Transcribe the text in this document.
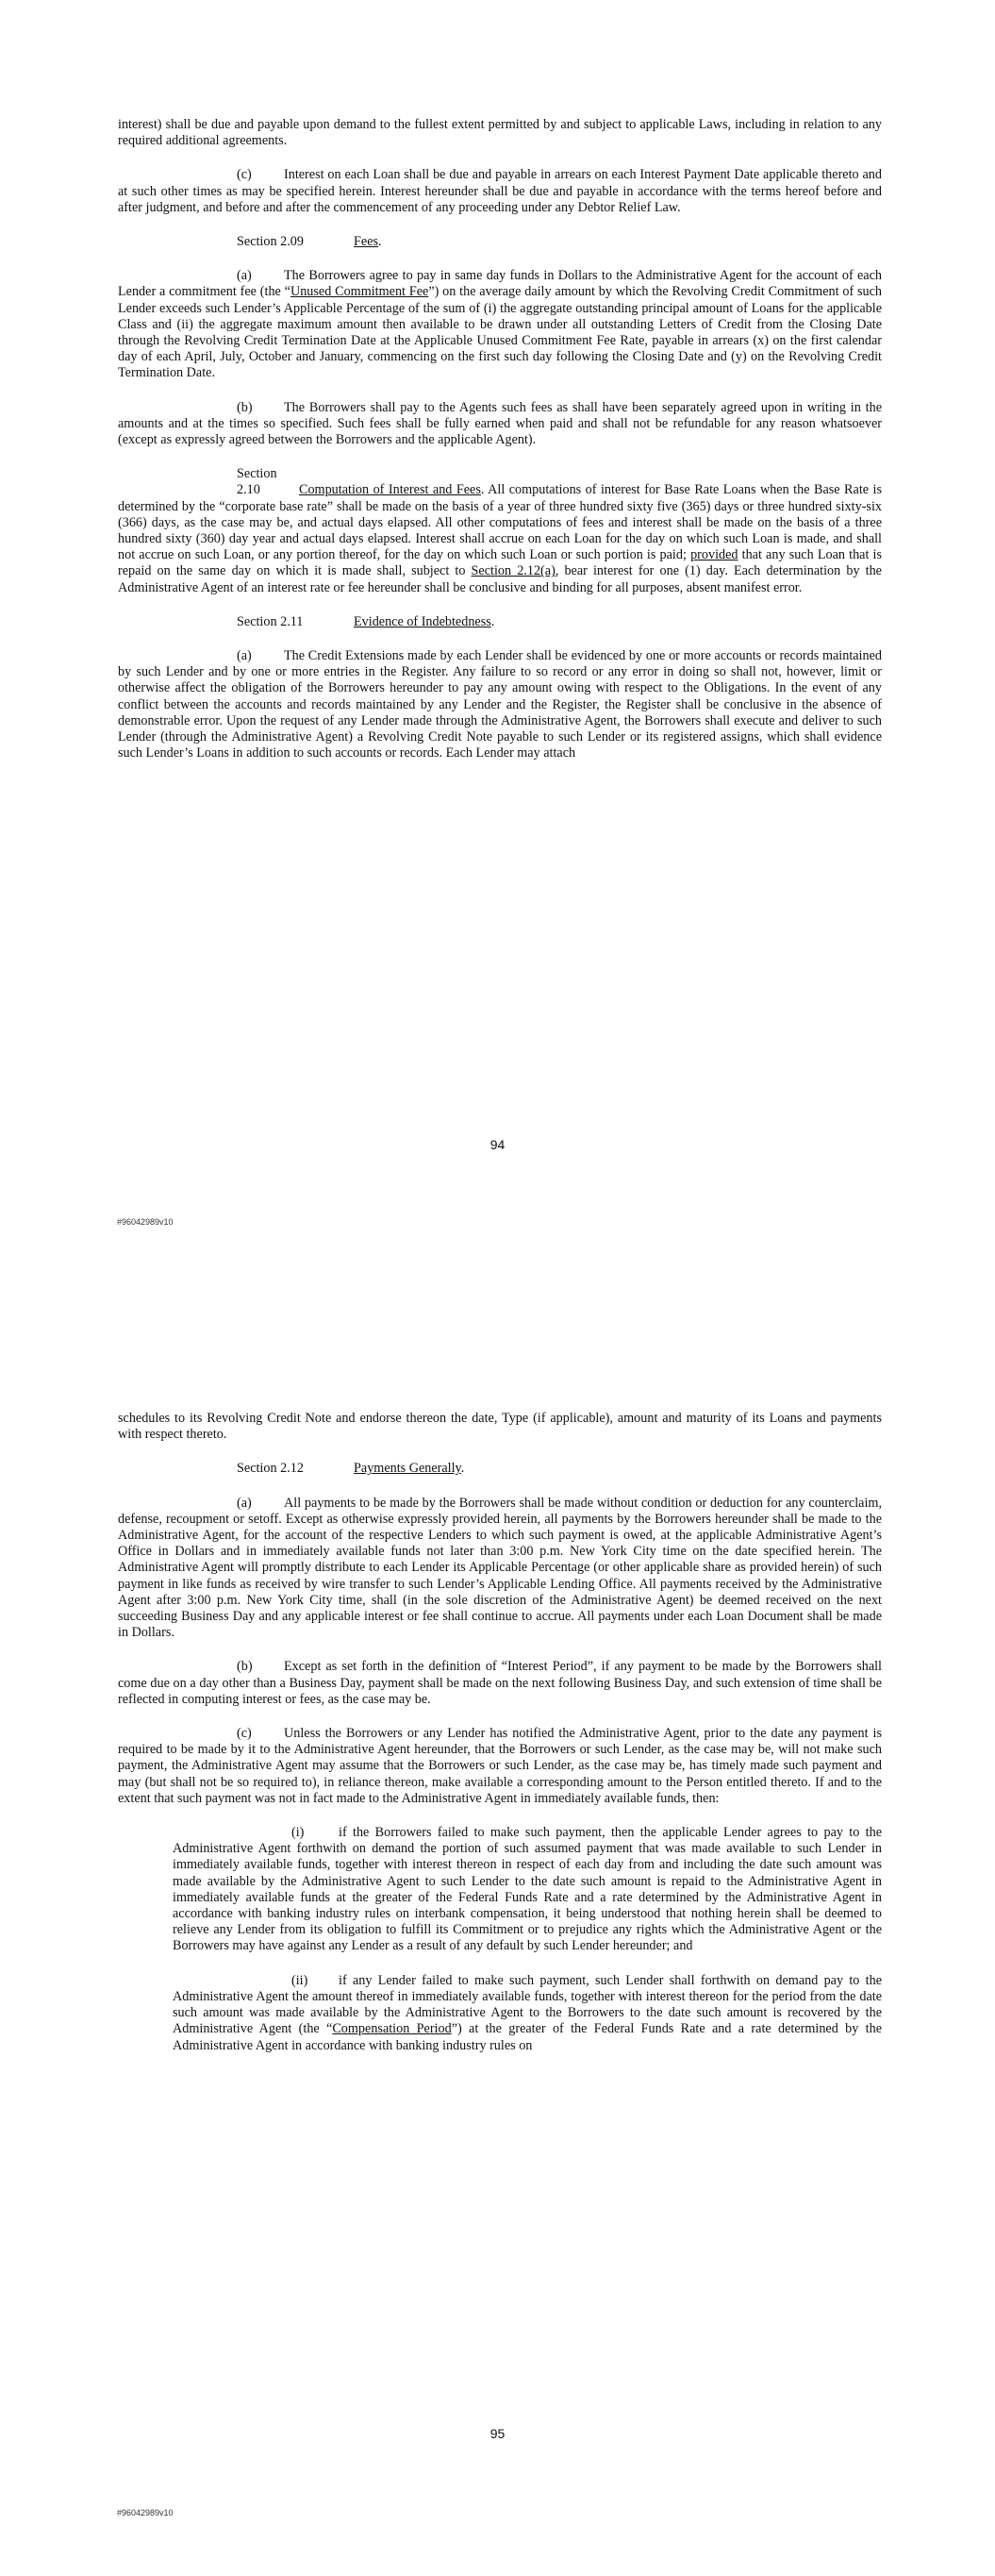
interest) shall be due and payable upon demand to the fullest extent permitted by and subject to applicable Laws, including in relation to any required additional agreements.

(c) Interest on each Loan shall be due and payable in arrears on each Interest Payment Date applicable thereto and at such other times as may be specified herein. Interest hereunder shall be due and payable in accordance with the terms hereof before and after judgment, and before and after the commencement of any proceeding under any Debtor Relief Law.

Section 2.09	Fees.

(a) The Borrowers agree to pay in same day funds in Dollars to the Administrative Agent for the account of each Lender a commitment fee (the “Unused Commitment Fee”) on the average daily amount by which the Revolving Credit Commitment of such Lender exceeds such Lender’s Applicable Percentage of the sum of (i) the aggregate outstanding principal amount of Loans for the applicable Class and (ii) the aggregate maximum amount then available to be drawn under all outstanding Letters of Credit from the Closing Date through the Revolving Credit Termination Date at the Applicable Unused Commitment Fee Rate, payable in arrears (x) on the first calendar day of each April, July, October and January, commencing on the first such day following the Closing Date and (y) on the Revolving Credit Termination Date.

(b) The Borrowers shall pay to the Agents such fees as shall have been separately agreed upon in writing in the amounts and at the times so specified. Such fees shall be fully earned when paid and shall not be refundable for any reason whatsoever (except as expressly agreed between the Borrowers and the applicable Agent).

Section 2.10	Computation of Interest and Fees. All computations of interest for Base Rate Loans when the Base Rate is determined by the “corporate base rate” shall be made on the basis of a year of three hundred sixty five (365) days or three hundred sixty-six (366) days, as the case may be, and actual days elapsed. All other computations of fees and interest shall be made on the basis of a three hundred sixty (360) day year and actual days elapsed. Interest shall accrue on each Loan for the day on which such Loan is made, and shall not accrue on such Loan, or any portion thereof, for the day on which such Loan or such portion is paid; provided that any such Loan that is repaid on the same day on which it is made shall, subject to Section 2.12(a), bear interest for one (1) day. Each determination by the Administrative Agent of an interest rate or fee hereunder shall be conclusive and binding for all purposes, absent manifest error.

Section 2.11	Evidence of Indebtedness.

(a) The Credit Extensions made by each Lender shall be evidenced by one or more accounts or records maintained by such Lender and by one or more entries in the Register. Any failure to so record or any error in doing so shall not, however, limit or otherwise affect the obligation of the Borrowers hereunder to pay any amount owing with respect to the Obligations. In the event of any conflict between the accounts and records maintained by any Lender and the Register, the Register shall be conclusive in the absence of demonstrable error. Upon the request of any Lender made through the Administrative Agent, the Borrowers shall execute and deliver to such Lender (through the Administrative Agent) a Revolving Credit Note payable to such Lender or its registered assigns, which shall evidence such Lender’s Loans in addition to such accounts or records. Each Lender may attach

94
#96042989v10

schedules to its Revolving Credit Note and endorse thereon the date, Type (if applicable), amount and maturity of its Loans and payments with respect thereto.

Section 2.12	Payments Generally.

(a) All payments to be made by the Borrowers shall be made without condition or deduction for any counterclaim, defense, recoupment or setoff. Except as otherwise expressly provided herein, all payments by the Borrowers hereunder shall be made to the Administrative Agent, for the account of the respective Lenders to which such payment is owed, at the applicable Administrative Agent’s Office in Dollars and in immediately available funds not later than 3:00 p.m. New York City time on the date specified herein. The Administrative Agent will promptly distribute to each Lender its Applicable Percentage (or other applicable share as provided herein) of such payment in like funds as received by wire transfer to such Lender’s Applicable Lending Office. All payments received by the Administrative Agent after 3:00 p.m. New York City time, shall (in the sole discretion of the Administrative Agent) be deemed received on the next succeeding Business Day and any applicable interest or fee shall continue to accrue. All payments under each Loan Document shall be made in Dollars.

(b) Except as set forth in the definition of “Interest Period”, if any payment to be made by the Borrowers shall come due on a day other than a Business Day, payment shall be made on the next following Business Day, and such extension of time shall be reflected in computing interest or fees, as the case may be.

(c) Unless the Borrowers or any Lender has notified the Administrative Agent, prior to the date any payment is required to be made by it to the Administrative Agent hereunder, that the Borrowers or such Lender, as the case may be, will not make such payment, the Administrative Agent may assume that the Borrowers or such Lender, as the case may be, has timely made such payment and may (but shall not be so required to), in reliance thereon, make available a corresponding amount to the Person entitled thereto. If and to the extent that such payment was not in fact made to the Administrative Agent in immediately available funds, then:

(i)	if the Borrowers failed to make such payment, then the applicable Lender agrees to pay to the Administrative Agent forthwith on demand the portion of such assumed payment that was made available to such Lender in immediately available funds, together with interest thereon in respect of each day from and including the date such amount was made available by the Administrative Agent to such Lender to the date such amount is repaid to the Administrative Agent in immediately available funds at the greater of the Federal Funds Rate and a rate determined by the Administrative Agent in accordance with banking industry rules on interbank compensation, it being understood that nothing herein shall be deemed to relieve any Lender from its obligation to fulfill its Commitment or to prejudice any rights which the Administrative Agent or the Borrowers may have against any Lender as a result of any default by such Lender hereunder; and

(ii) if any Lender failed to make such payment, such Lender shall forthwith on demand pay to the Administrative Agent the amount thereof in immediately available funds, together with interest thereon for the period from the date such amount was made available by the Administrative Agent to the Borrowers to the date such amount is recovered by the Administrative Agent (the “Compensation Period”) at the greater of the Federal Funds Rate and a rate determined by the Administrative Agent in accordance with banking industry rules on

95
#96042989v10
